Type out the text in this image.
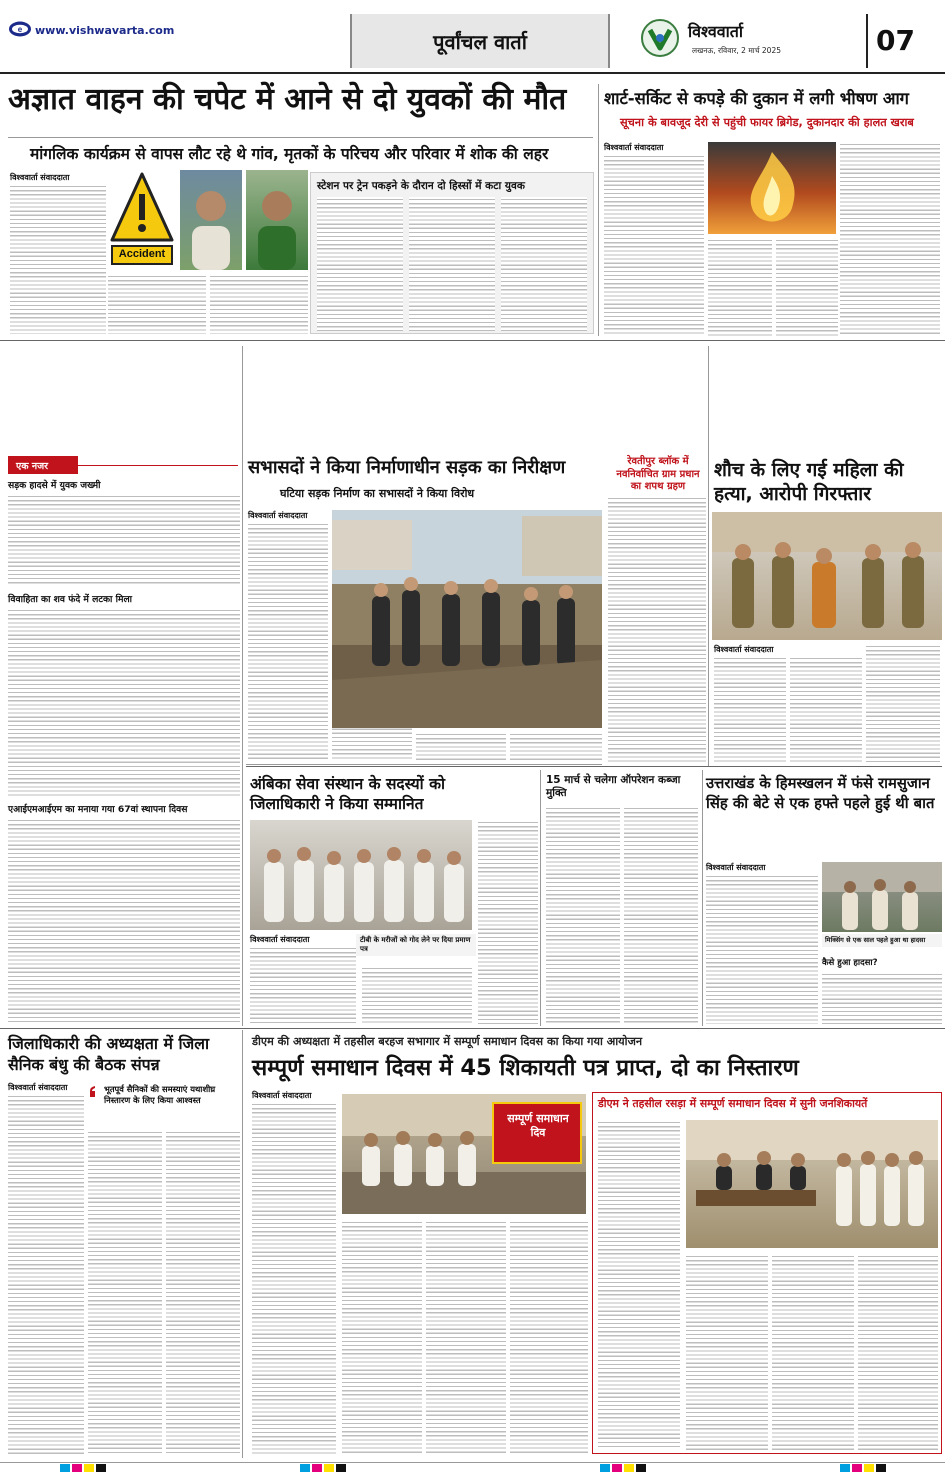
e www.vishwavarta.com	पूर्वांचल वार्ता	विश्ववार्ता
लखनऊ, रविवार, 2 मार्च 2025	07
अज्ञात वाहन की चपेट में आने से दो युवकों की मौत
मांगलिक कार्यक्रम से वापस लौट रहे थे गांव, मृतकों के परिचय और परिवार में शोक की लहर
विश्ववार्ता संवाददाता
Accident
स्टेशन पर ट्रेन पकड़ने के दौरान दो हिस्सों में कटा युवक
शार्ट-सर्किट से कपड़े की दुकान में लगी भीषण आग
सूचना के बावजूद देरी से पहुंची फायर ब्रिगेड, दुकानदार की हालत खराब
विश्ववार्ता संवाददाता
एक नजर
सड़क हादसे में युवक जख्मी
विवाहिता का शव फंदे में लटका मिला
एआईएमआईएम का मनाया गया 67वां स्थापना दिवस
सभासदों ने किया निर्माणाधीन सड़क का निरीक्षण
घटिया सड़क निर्माण का सभासदों ने किया विरोध
विश्ववार्ता संवाददाता
रेवतीपुर ब्लॉक में नवनिर्वाचित ग्राम प्रधान का शपथ ग्रहण
शौच के लिए गई महिला की हत्या, आरोपी गिरफ्तार
विश्ववार्ता संवाददाता
अंबिका सेवा संस्थान के सदस्यों को जिलाधिकारी ने किया सम्मानित
विश्ववार्ता संवाददाता	टीबी के मरीजों को गोद लेने पर दिया प्रमाण पत्र
15 मार्च से चलेगा ऑपरेशन कब्जा मुक्ति
उत्तराखंड के हिमस्खलन में फंसे रामसुजान सिंह की बेटे से एक हफ्ते पहले हुई थी बात
विश्ववार्ता संवाददाता
मिक्सिंग से एक साल पहले हुआ था हादसा
कैसे हुआ हादसा?
जिलाधिकारी की अध्यक्षता में जिला सैनिक बंधु की बैठक संपन्न
विश्ववार्ता संवाददाता	भूतपूर्व सैनिकों की समस्याएं यथाशीघ्र निस्तारण के लिए किया आश्वस्त
डीएम की अध्यक्षता में तहसील बरहज सभागार में सम्पूर्ण समाधान दिवस का किया गया आयोजन
सम्पूर्ण समाधान दिवस में 45 शिकायती पत्र प्राप्त, दो का निस्तारण
विश्ववार्ता संवाददाता
सम्पूर्ण समाधान दिव
डीएम ने तहसील रसड़ा में सम्पूर्ण समाधान दिवस में सुनी जनशिकायतें
